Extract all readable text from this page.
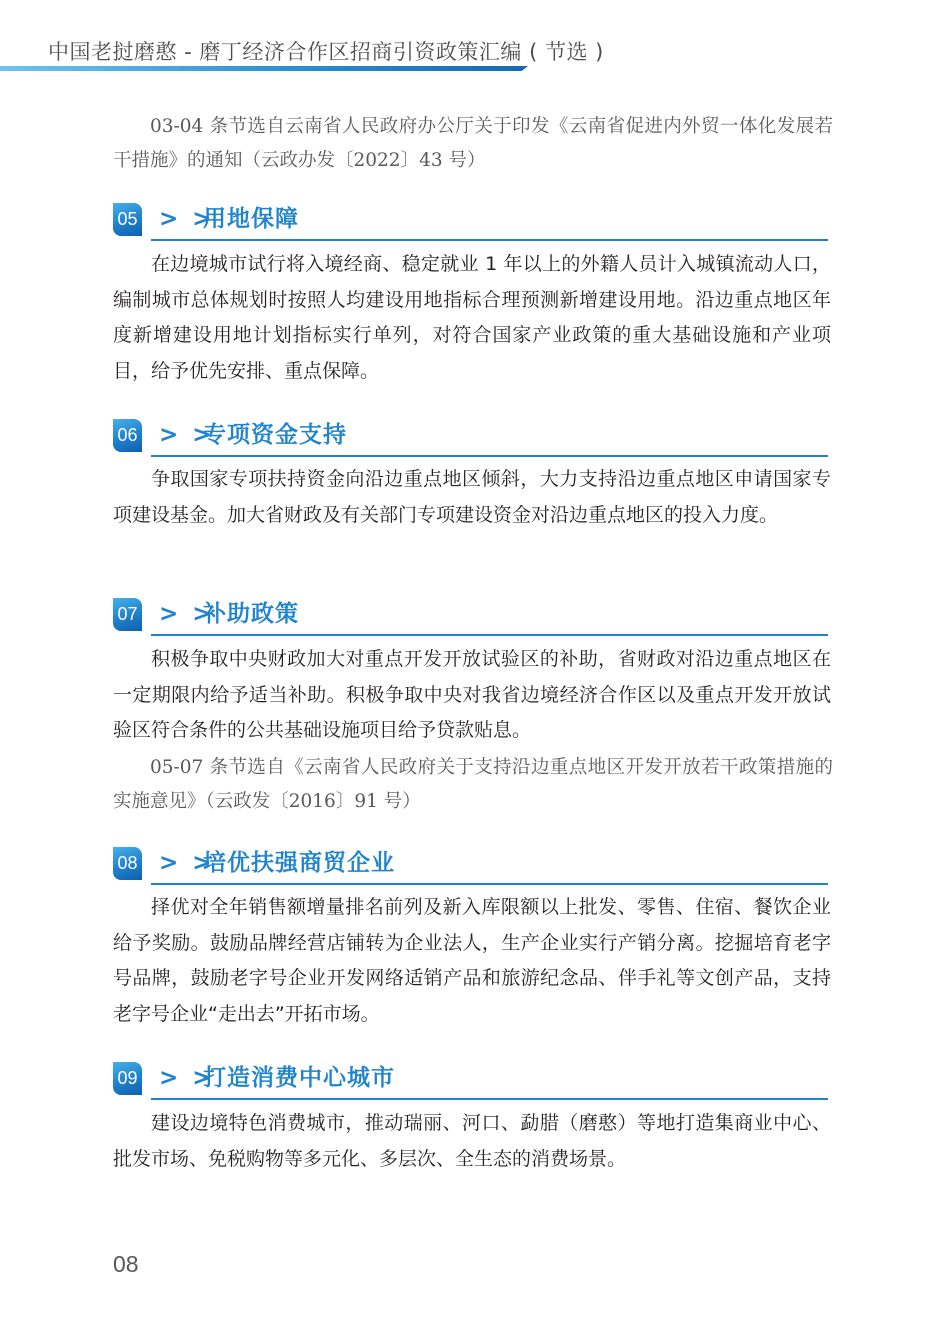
中国老挝磨憨 - 磨丁经济合作区招商引资政策汇编 ( 节选 )

03-04 条节选自云南省人民政府办公厅关于印发《云南省促进内外贸一体化发展若干措施》的通知（云政办发〔2022〕43 号）

05 > >
用地保障

在边境城市试行将入境经商、稳定就业 1 年以上的外籍人员计入城镇流动人口，编制城市总体规划时按照人均建设用地指标合理预测新增建设用地。沿边重点地区年度新增建设用地计划指标实行单列，对符合国家产业政策的重大基础设施和产业项目，给予优先安排、重点保障。

06 > >
专项资金支持

争取国家专项扶持资金向沿边重点地区倾斜，大力支持沿边重点地区申请国家专项建设基金。加大省财政及有关部门专项建设资金对沿边重点地区的投入力度。

07 > >
补助政策

积极争取中央财政加大对重点开发开放试验区的补助，省财政对沿边重点地区在一定期限内给予适当补助。积极争取中央对我省边境经济合作区以及重点开发开放试验区符合条件的公共基础设施项目给予贷款贴息。

05-07 条节选自《云南省人民政府关于支持沿边重点地区开发开放若干政策措施的实施意见》（云政发〔2016〕91 号）

08 > >
培优扶强商贸企业

择优对全年销售额增量排名前列及新入库限额以上批发、零售、住宿、餐饮企业给予奖励。鼓励品牌经营店铺转为企业法人，生产企业实行产销分离。挖掘培育老字号品牌，鼓励老字号企业开发网络适销产品和旅游纪念品、伴手礼等文创产品，支持老字号企业“走出去”开拓市场。

09 > >
打造消费中心城市

建设边境特色消费城市，推动瑞丽、河口、勐腊（磨憨）等地打造集商业中心、批发市场、免税购物等多元化、多层次、全生态的消费场景。

08
